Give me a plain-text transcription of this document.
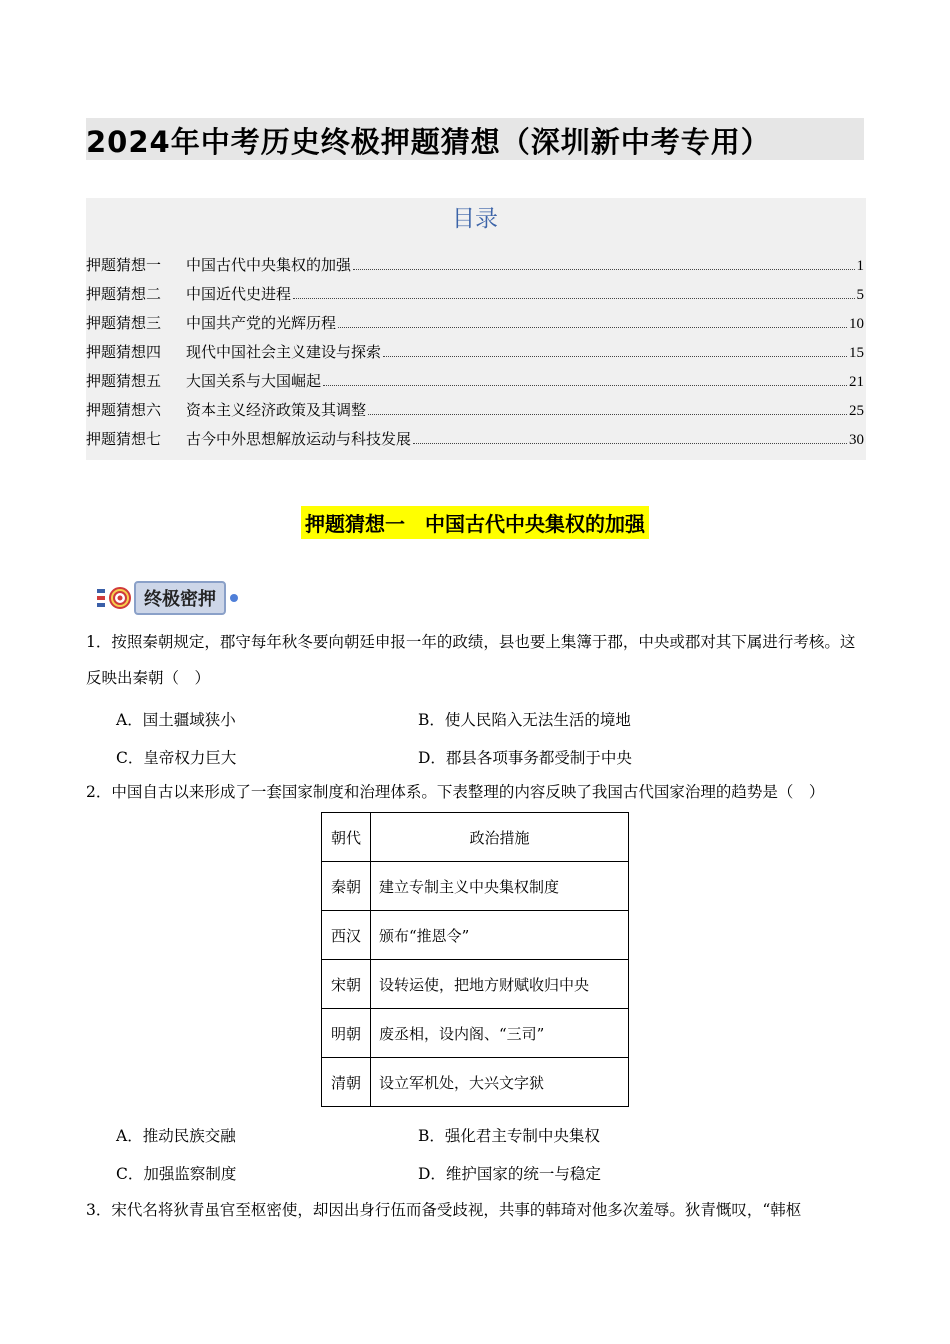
2024年中考历史终极押题猜想（深圳新中考专用）
目录
押题猜想一	中国古代中央集权的加强	1
押题猜想二	中国近代史进程	5
押题猜想三	中国共产党的光辉历程	10
押题猜想四	现代中国社会主义建设与探索	15
押题猜想五	大国关系与大国崛起	21
押题猜想六	资本主义经济政策及其调整	25
押题猜想七	古今中外思想解放运动与科技发展	30
押题猜想一　中国古代中央集权的加强
终极密押
1．按照秦朝规定，郡守每年秋冬要向朝廷申报一年的政绩，县也要上集簿于郡，中央或郡对其下属进行考核。这反映出秦朝（　）
A．国土疆域狭小	B．使人民陷入无法生活的境地
C．皇帝权力巨大	D．郡县各项事务都受制于中央
2．中国自古以来形成了一套国家制度和治理体系。下表整理的内容反映了我国古代国家治理的趋势是（　）
朝代	政治措施
秦朝	建立专制主义中央集权制度
西汉	颁布“推恩令”
宋朝	设转运使，把地方财赋收归中央
明朝	废丞相，设内阁、“三司”
清朝	设立军机处，大兴文字狱
A．推动民族交融	B．强化君主专制中央集权
C．加强监察制度	D．维护国家的统一与稳定
3．宋代名将狄青虽官至枢密使，却因出身行伍而备受歧视，共事的韩琦对他多次羞辱。狄青慨叹，“韩枢
